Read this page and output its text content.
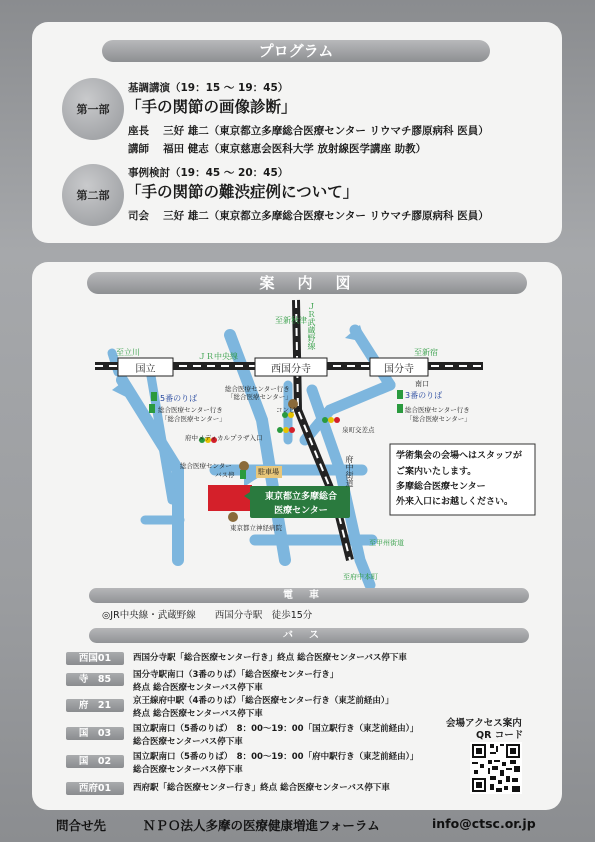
プログラム
第一部
基調講演（19：15 ～ 19：45）
「手の関節の画像診断」
座長　 三好 雄二（東京都立多摩総合医療センター リウマチ膠原病科 医員）
講師　 福田 健志（東京慈恵会医科大学 放射線医学講座 助教）
第二部
事例検討（19：45 ～ 20：45）
「手の関節の難渋症例について」
司会　 三好 雄二（東京都立多摩総合医療センター リウマチ膠原病科 医員）
案　内　図
至立川	至新宿
至新秋津 ＪＲ武蔵野線
ＪＲ中央線
国立	西国分寺	国分寺
5番のりば
総合医療センター行き
「総合医療センター」
総合医療センター行き
「総合医療センター」
南口
3番のりば
総合医療センター行き
「総合医療センター」
コンビニ
泉町交差点
府中メディカルプラザ入口
総合医療センター
バス停	駐車場
東京都立多摩総合
医療センター
東京都立神経病院
府中街道
至甲州街道
至府中本町
学術集会の会場へはスタッフが
ご案内いたします。
多摩総合医療センター
外来入口にお越しください。
電車
◎JR中央線・武蔵野線　　西国分寺駅　徒歩15分
バス
西国01	西国分寺駅「総合医療センター行き」終点 総合医療センターバス停下車
寺　85	国分寺駅南口（3番のりば）「総合医療センター行き」
終点 総合医療センターバス停下車
府　21	京王線府中駅（4番のりば）「総合医療センター行き（東芝前経由）」
終点 総合医療センターバス停下車
国　03	国立駅南口（5番のりば）　8：00～19：00「国立駅行き（東芝前経由）」
総合医療センターバス停下車
国　02	国立駅南口（5番のりば）　8：00～19：00「府中駅行き（東芝前経由）」
総合医療センターバス停下車
西府01	西府駅「総合医療センター行き」終点 総合医療センターバス停下車
会場アクセス案内
QR コード
問合せ先	ＮＰＯ法人多摩の医療健康増進フォーラム	info@ctsc.or.jp
